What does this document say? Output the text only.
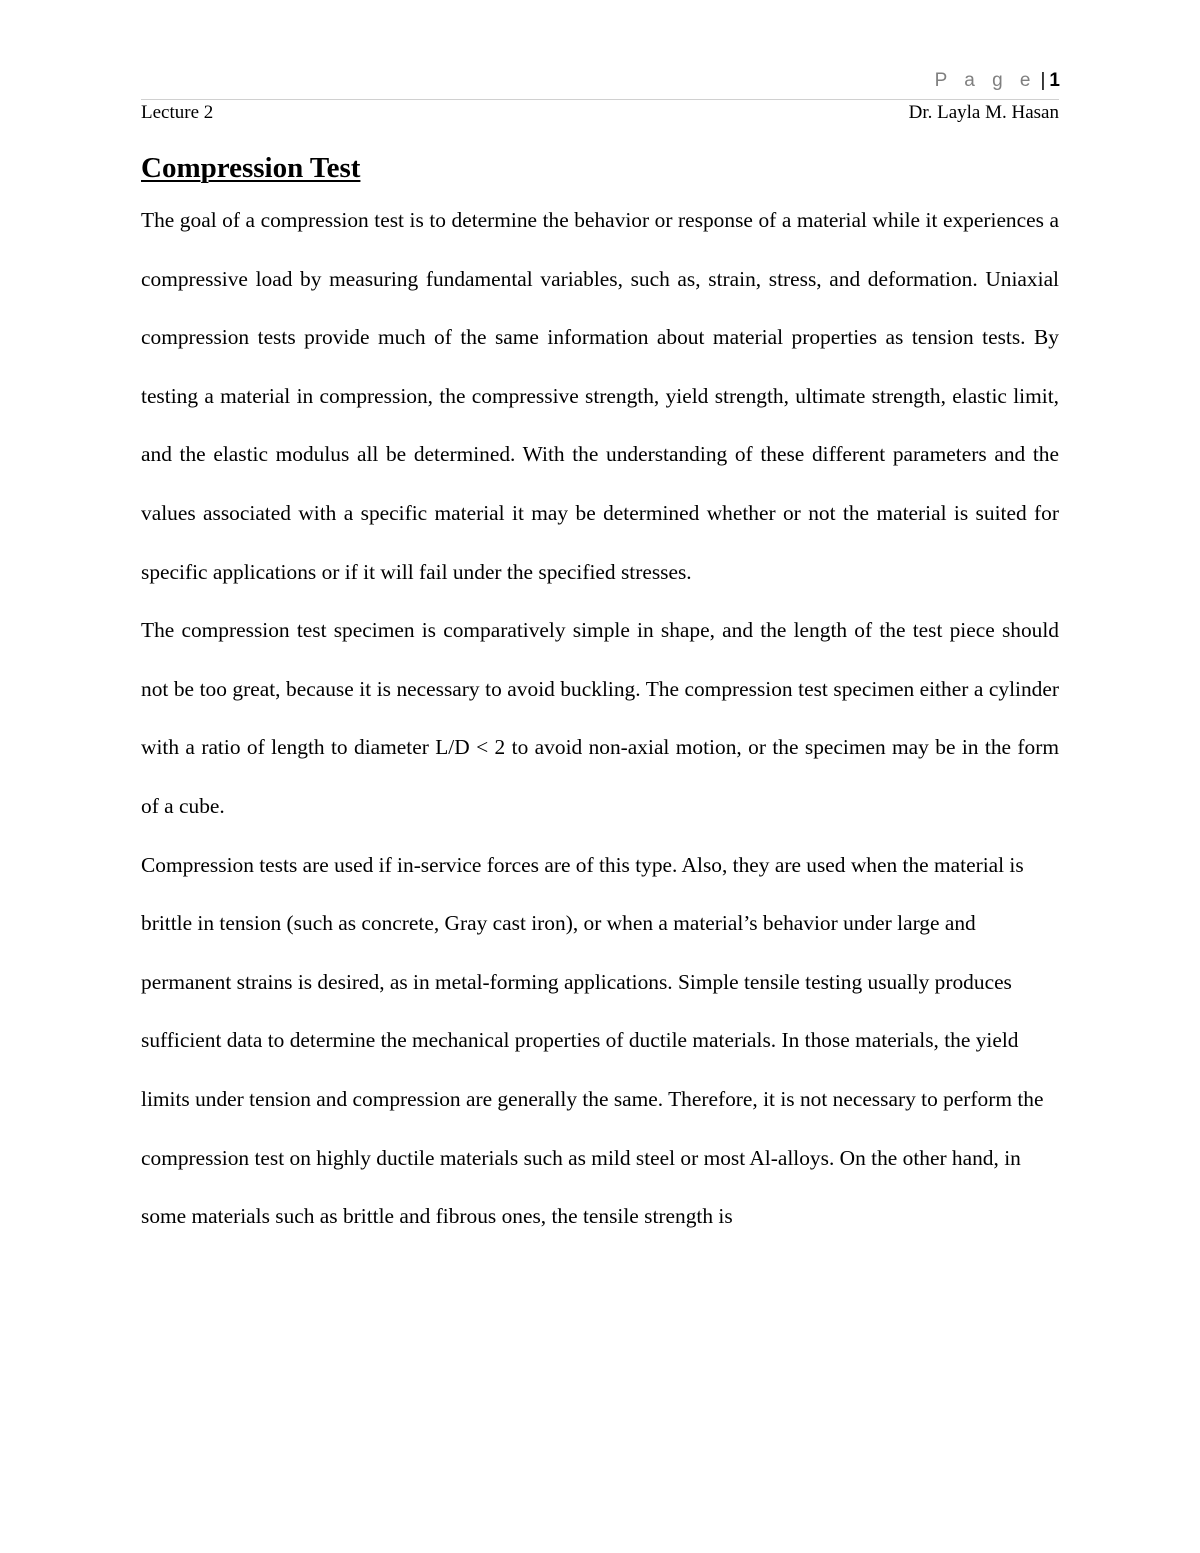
P a g e | 1
Lecture 2	Dr. Layla M. Hasan
Compression Test

The goal of a compression test is to determine the behavior or response of a material while it experiences a compressive load by measuring fundamental variables, such as, strain, stress, and deformation. Uniaxial compression tests provide much of the same information about material properties as tension tests. By testing a material in compression, the compressive strength, yield strength, ultimate strength, elastic limit, and the elastic modulus all be determined. With the understanding of these different parameters and the values associated with a specific material it may be determined whether or not the material is suited for specific applications or if it will fail under the specified stresses.

The compression test specimen is comparatively simple in shape, and the length of the test piece should not be too great, because it is necessary to avoid buckling. The compression test specimen either a cylinder with a ratio of length to diameter L/D < 2 to avoid non-axial motion, or the specimen may be in the form of a cube.

Compression tests are used if in-service forces are of this type. Also, they are used when the material is brittle in tension (such as concrete, Gray cast iron), or when a material’s behavior under large and permanent strains is desired, as in metal-forming applications. Simple tensile testing usually produces sufficient data to determine the mechanical properties of ductile materials. In those materials, the yield limits under tension and compression are generally the same. Therefore, it is not necessary to perform the compression test on highly ductile materials such as mild steel or most Al-alloys. On the other hand, in some materials such as brittle and fibrous ones, the tensile strength is
